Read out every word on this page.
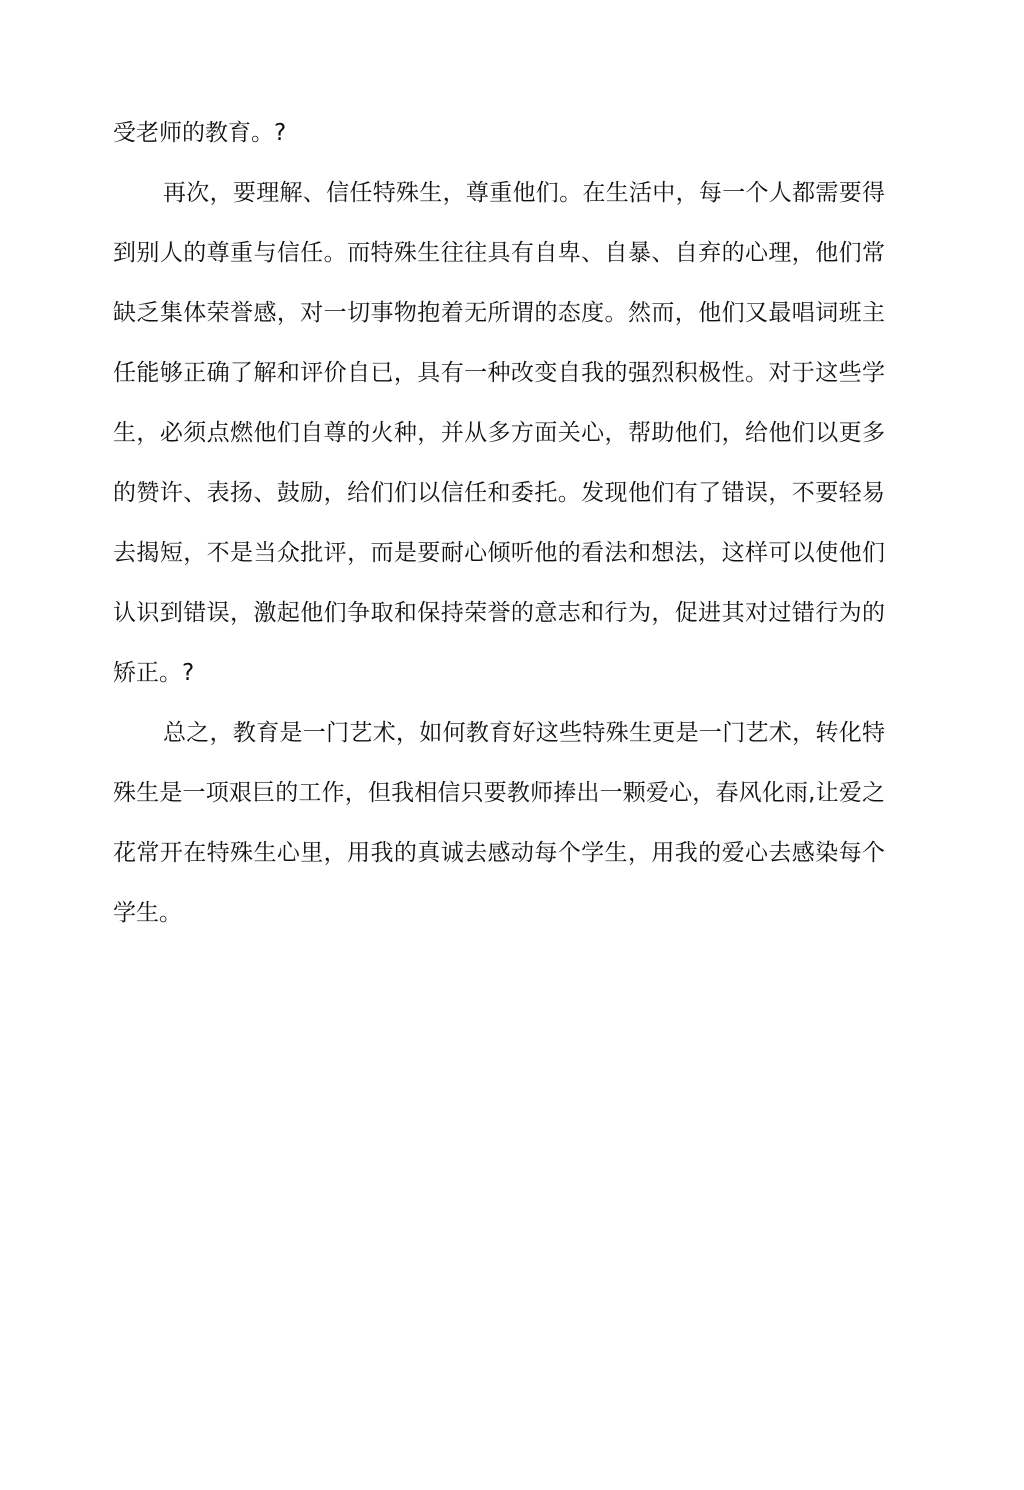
受老师的教育。?

再次，要理解、信任特殊生，尊重他们。在生活中，每一个人都需要得到别人的尊重与信任。而特殊生往往具有自卑、自暴、自弃的心理，他们常缺乏集体荣誉感，对一切事物抱着无所谓的态度。然而，他们又最唱词班主任能够正确了解和评价自已，具有一种改变自我的强烈积极性。对于这些学生，必须点燃他们自尊的火种，并从多方面关心，帮助他们，给他们以更多的赞许、表扬、鼓励，给们们以信任和委托。发现他们有了错误，不要轻易去揭短，不是当众批评，而是要耐心倾听他的看法和想法，这样可以使他们认识到错误，激起他们争取和保持荣誉的意志和行为，促进其对过错行为的矫正。?

总之，教育是一门艺术，如何教育好这些特殊生更是一门艺术，转化特殊生是一项艰巨的工作，但我相信只要教师捧出一颗爱心，春风化雨,让爱之花常开在特殊生心里，用我的真诚去感动每个学生，用我的爱心去感染每个学生。
